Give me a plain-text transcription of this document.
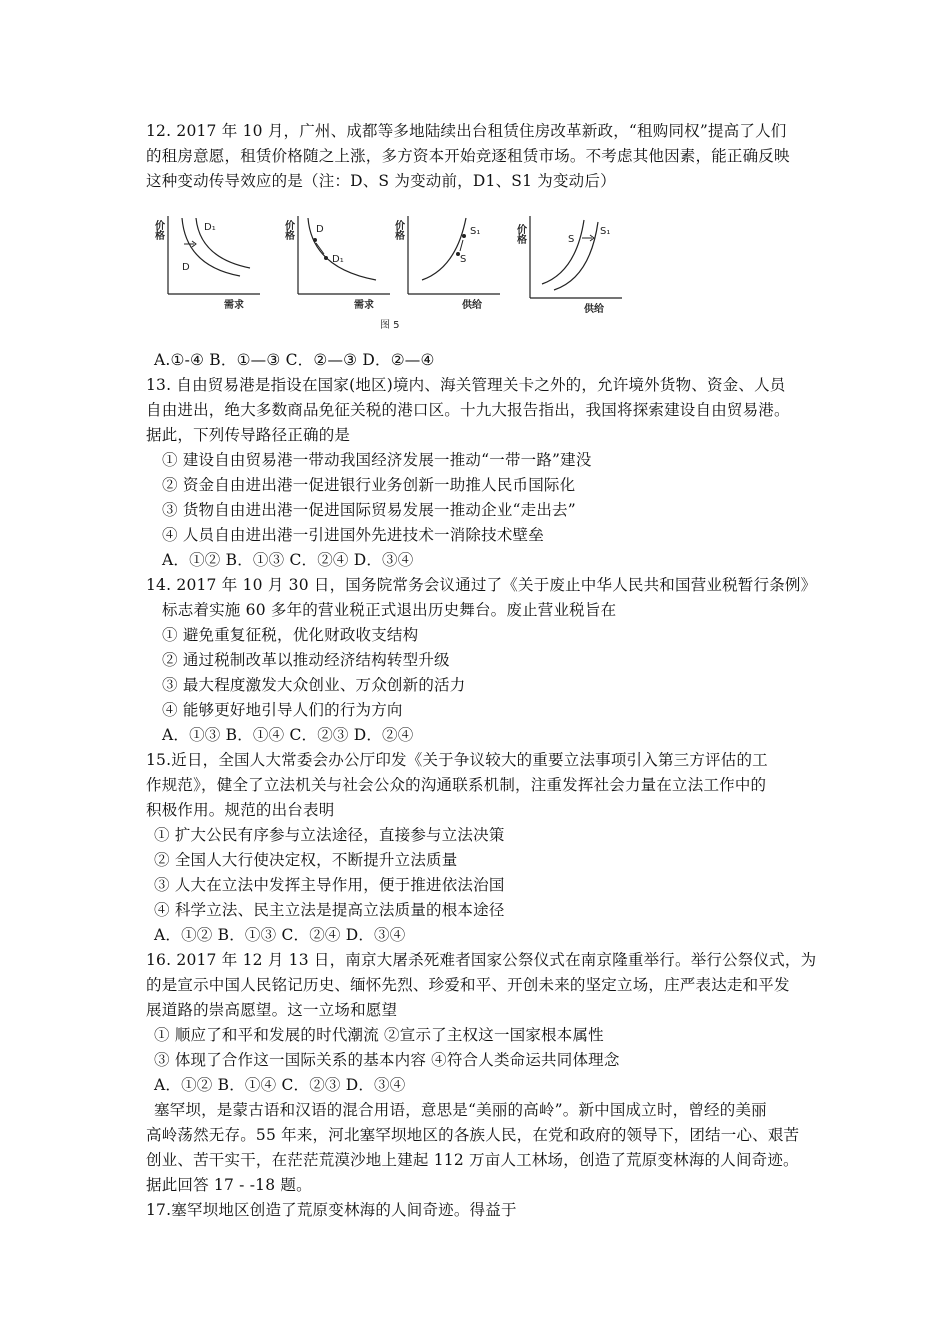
12. 2017 年 10 月，广州、成都等多地陆续出台租赁住房改革新政，“租购同权”提高了人们
的租房意愿，租赁价格随之上涨，多方资本开始竞逐租赁市场。不考虑其他因素，能正确反映
这种变动传导效应的是（注：D、S 为变动前，D1、S1 为变动后）
价格
需求
D₁
D
价格
需求
D
D₁
价格
供给
S₁
S
价格
供给
S
S₁
图 5
A.①-④ B．①—③ C．②—③ D．②—④
13. 自由贸易港是指设在国家(地区)境内、海关管理关卡之外的，允许境外货物、资金、人员
自由进出，绝大多数商品免征关税的港口区。十九大报告指出，我国将探索建设自由贸易港。
据此，下列传导路径正确的是
① 建设自由贸易港一带动我国经济发展一推动“一带一路”建没
② 资金自由进出港一促进银行业务创新一助推人民币国际化
③ 货物自由进出港一促进国际贸易发展一推动企业“走出去”
④ 人员自由进出港一引进国外先进技术一消除技术壁垒
A．①② B．①③ C．②④ D．③④
14. 2017 年 10 月 30 日，国务院常务会议通过了《关于废止中华人民共和国营业税暂行条例》
标志着实施 60 多年的营业税正式退出历史舞台。废止营业税旨在
① 避免重复征税，优化财政收支结构
② 通过税制改革以推动经济结构转型升级
③ 最大程度激发大众创业、万众创新的活力
④ 能够更好地引导人们的行为方向
A．①③ B．①④ C．②③ D．②④
15.近日，全国人大常委会办公厅印发《关于争议较大的重要立法事项引入第三方评估的工
作规范》，健全了立法机关与社会公众的沟通联系机制，注重发挥社会力量在立法工作中的
积极作用。规范的出台表明
① 扩大公民有序参与立法途径，直接参与立法决策
② 全国人大行使决定权，不断提升立法质量
③ 人大在立法中发挥主导作用，便于推进依法治国
④ 科学立法、民主立法是提高立法质量的根本途径
A．①② B．①③ C．②④ D．③④
16. 2017 年 12 月 13 日，南京大屠杀死难者国家公祭仪式在南京隆重举行。举行公祭仪式，为
的是宣示中国人民铭记历史、缅怀先烈、珍爱和平、开创未来的坚定立场，庄严表达走和平发
展道路的崇高愿望。这一立场和愿望
① 顺应了和平和发展的时代潮流 ②宣示了主权这一国家根本属性
③ 体现了合作这一国际关系的基本内容 ④符合人类命运共同体理念
A．①② B．①④ C．②③ D．③④
塞罕坝，是蒙古语和汉语的混合用语，意思是“美丽的高岭”。新中国成立时，曾经的美丽
高岭荡然无存。55 年来，河北塞罕坝地区的各族人民，在党和政府的领导下，团结一心、艰苦
创业、苦干实干，在茫茫荒漠沙地上建起 112 万亩人工林场，创造了荒原变林海的人间奇迹。
据此回答 17 - -18 题。
17.塞罕坝地区创造了荒原变林海的人间奇迹。得益于
